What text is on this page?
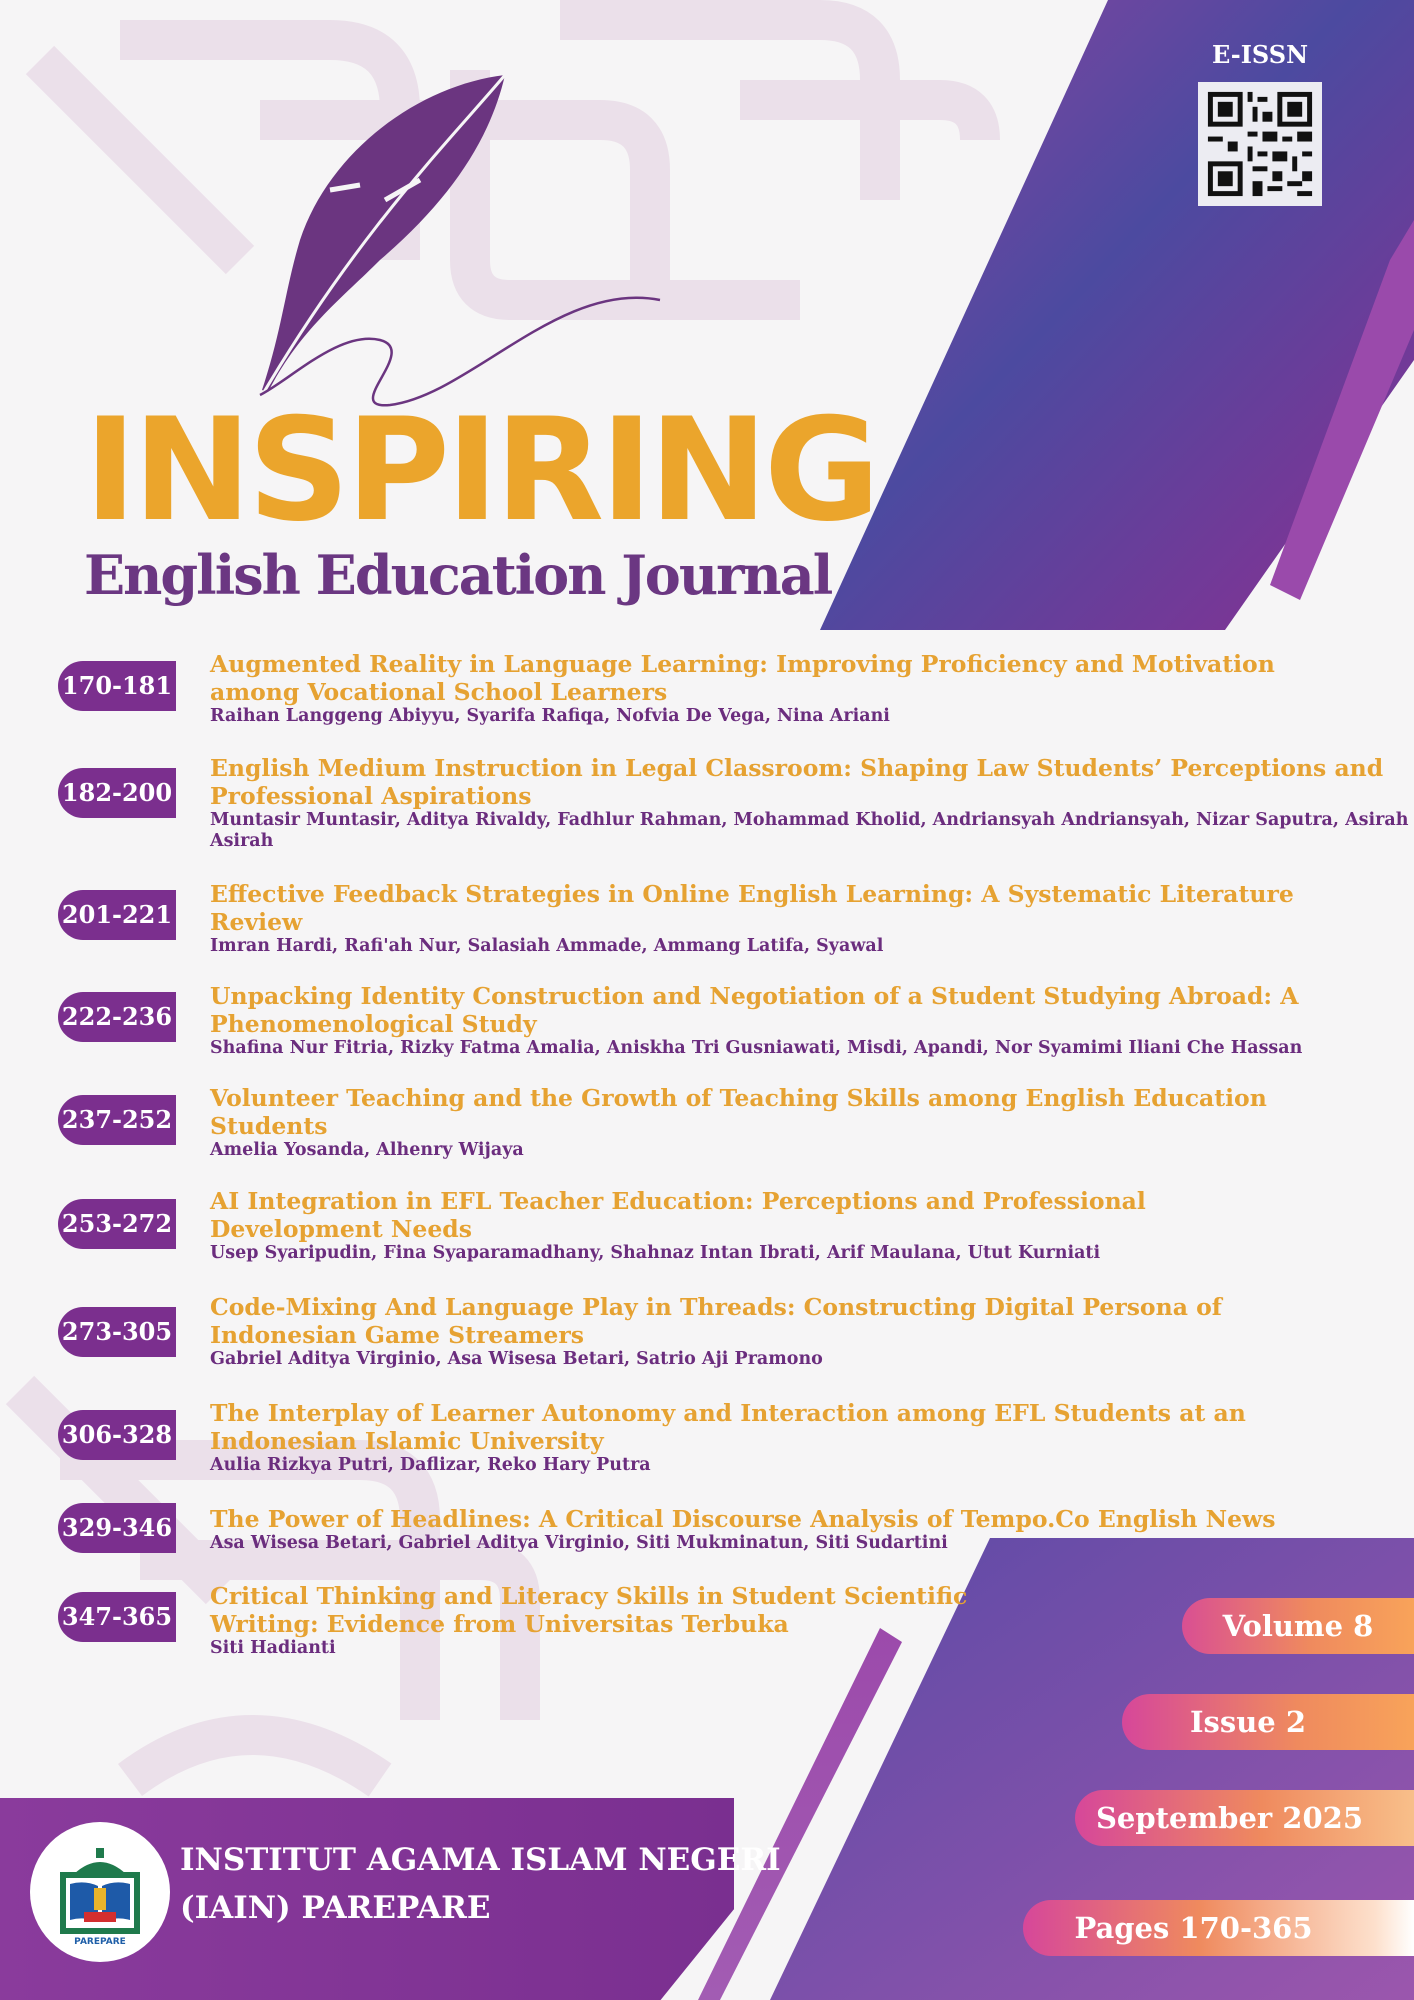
E-ISSN
INSPIRING
English Education Journal
170-181

Augmented Reality in Language Learning: Improving Proficiency and Motivation among Vocational School Learners

Raihan Langgeng Abiyyu, Syarifa Rafiqa, Nofvia De Vega, Nina Ariani

182-200

English Medium Instruction in Legal Classroom: Shaping Law Students’ Perceptions and Professional Aspirations

Muntasir Muntasir, Aditya Rivaldy, Fadhlur Rahman, Mohammad Kholid, Andriansyah Andriansyah, Nizar Saputra, Asirah Asirah

201-221

Effective Feedback Strategies in Online English Learning: A Systematic Literature Review

Imran Hardi, Rafi'ah Nur, Salasiah Ammade, Ammang Latifa, Syawal

222-236

Unpacking Identity Construction and Negotiation of a Student Studying Abroad: A Phenomenological Study

Shafina Nur Fitria, Rizky Fatma Amalia, Aniskha Tri Gusniawati, Misdi, Apandi, Nor Syamimi Iliani Che Hassan

237-252

Volunteer Teaching and the Growth of Teaching Skills among English Education Students

Amelia Yosanda, Alhenry Wijaya

253-272

AI Integration in EFL Teacher Education: Perceptions and Professional Development Needs

Usep Syaripudin, Fina Syaparamadhany, Shahnaz Intan Ibrati, Arif Maulana, Utut Kurniati

273-305

Code-Mixing And Language Play in Threads: Constructing Digital Persona of Indonesian Game Streamers

Gabriel Aditya Virginio, Asa Wisesa Betari, Satrio Aji Pramono

306-328

The Interplay of Learner Autonomy and Interaction among EFL Students at an Indonesian Islamic University

Aulia Rizkya Putri, Daflizar, Reko Hary Putra

329-346 The Power of Headlines: A Critical Discourse Analysis of Tempo.Co English News

Asa Wisesa Betari, Gabriel Aditya Virginio, Siti Mukminatun, Siti Sudartini

347-365

Critical Thinking and Literacy Skills in Student Scientific Writing: Evidence from Universitas Terbuka

Siti Hadianti

Volume 8
Issue 2
September 2025
Pages 170-365
PAREPARE
INSTITUT AGAMA ISLAM NEGERI
(IAIN) PAREPARE
